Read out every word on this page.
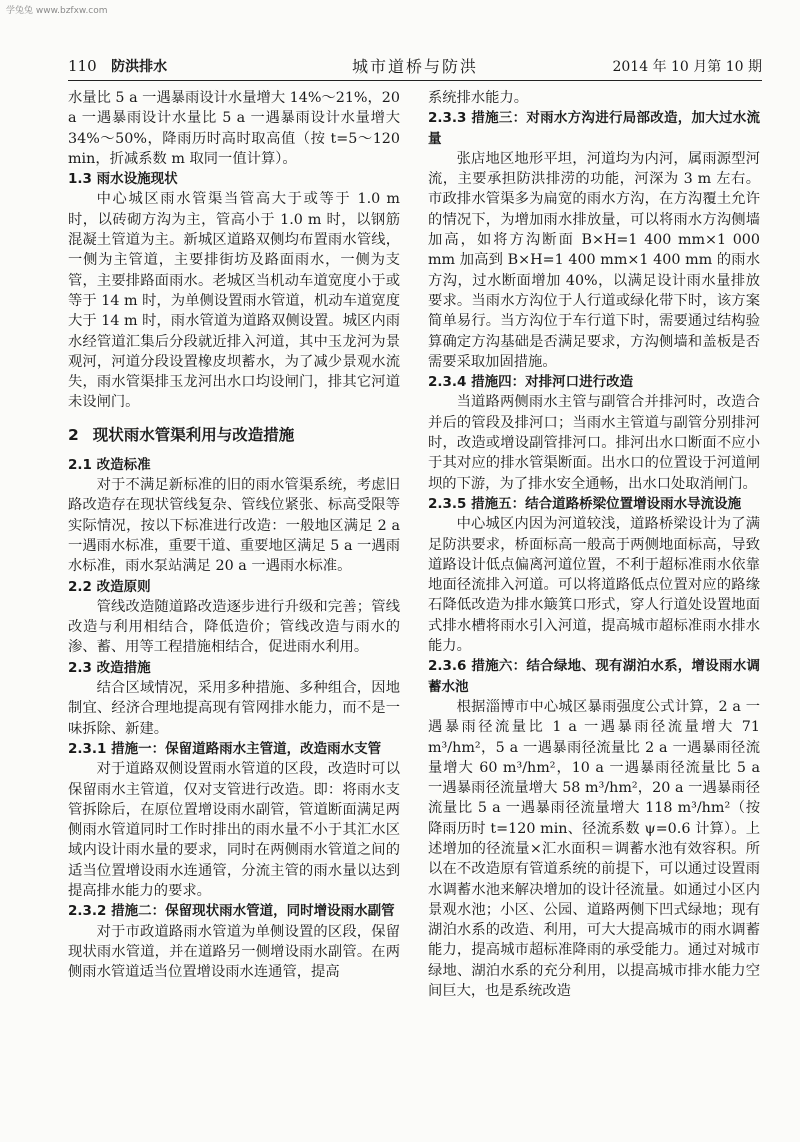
学兔兔 www.bzfxw.com
110 防洪排水	城市道桥与防洪	2014 年 10 月第 10 期

水量比 5 a 一遇暴雨设计水量增大 14%～21%，20 a 一遇暴雨设计水量比 5 a 一遇暴雨设计水量增大 34%～50%，降雨历时高时取高值（按 t=5～120 min，折减系数 m 取同一值计算）。

1.3 雨水设施现状

中心城区雨水管渠当管高大于或等于 1.0 m 时，以砖砌方沟为主，管高小于 1.0 m 时，以钢筋混凝土管道为主。新城区道路双侧均布置雨水管线，一侧为主管道，主要排街坊及路面雨水，一侧为支管，主要排路面雨水。老城区当机动车道宽度小于或等于 14 m 时，为单侧设置雨水管道，机动车道宽度大于 14 m 时，雨水管道为道路双侧设置。城区内雨水经管道汇集后分段就近排入河道，其中玉龙河为景观河，河道分段设置橡皮坝蓄水，为了减少景观水流失，雨水管渠排玉龙河出水口均设闸门，排其它河道未设闸门。

2 现状雨水管渠利用与改造措施
2.1 改造标准

对于不满足新标准的旧的雨水管渠系统，考虑旧路改造存在现状管线复杂、管线位紧张、标高受限等实际情况，按以下标准进行改造：一般地区满足 2 a 一遇雨水标准，重要干道、重要地区满足 5 a 一遇雨水标准，雨水泵站满足 20 a 一遇雨水标准。

2.2 改造原则

管线改造随道路改造逐步进行升级和完善；管线改造与利用相结合，降低造价；管线改造与雨水的渗、蓄、用等工程措施相结合，促进雨水利用。

2.3 改造措施

结合区域情况，采用多种措施、多种组合，因地制宜、经济合理地提高现有管网排水能力，而不是一味拆除、新建。

2.3.1 措施一：保留道路雨水主管道，改造雨水支管

对于道路双侧设置雨水管道的区段，改造时可以保留雨水主管道，仅对支管进行改造。即：将雨水支管拆除后，在原位置增设雨水副管，管道断面满足两侧雨水管道同时工作时排出的雨水量不小于其汇水区域内设计雨水量的要求，同时在两侧雨水管道之间的适当位置增设雨水连通管，分流主管的雨水量以达到提高排水能力的要求。

2.3.2 措施二：保留现状雨水管道，同时增设雨水副管

对于市政道路雨水管道为单侧设置的区段，保留现状雨水管道，并在道路另一侧增设雨水副管。在两侧雨水管道适当位置增设雨水连通管，提高

系统排水能力。

2.3.3 措施三：对雨水方沟进行局部改造，加大过水流量

张店地区地形平坦，河道均为内河，属雨源型河流，主要承担防洪排涝的功能，河深为 3 m 左右。市政排水管渠多为扁宽的雨水方沟，在方沟覆土允许的情况下，为增加雨水排放量，可以将雨水方沟侧墙加高，如将方沟断面 B×H=1 400 mm×1 000 mm 加高到 B×H=1 400 mm×1 400 mm 的雨水方沟，过水断面增加 40%，以满足设计雨水量排放要求。当雨水方沟位于人行道或绿化带下时，该方案简单易行。当方沟位于车行道下时，需要通过结构验算确定方沟基础是否满足要求，方沟侧墙和盖板是否需要采取加固措施。

2.3.4 措施四：对排河口进行改造

当道路两侧雨水主管与副管合并排河时，改造合并后的管段及排河口；当雨水主管道与副管分别排河时，改造或增设副管排河口。排河出水口断面不应小于其对应的排水管渠断面。出水口的位置设于河道闸坝的下游，为了排水安全通畅，出水口处取消闸门。

2.3.5 措施五：结合道路桥梁位置增设雨水导流设施

中心城区内因为河道较浅，道路桥梁设计为了满足防洪要求，桥面标高一般高于两侧地面标高，导致道路设计低点偏离河道位置，不利于超标准雨水依靠地面径流排入河道。可以将道路低点位置对应的路缘石降低改造为排水簸箕口形式，穿人行道处设置地面式排水槽将雨水引入河道，提高城市超标准雨水排水能力。

2.3.6 措施六：结合绿地、现有湖泊水系，增设雨水调蓄水池

根据淄博市中心城区暴雨强度公式计算，2 a 一遇暴雨径流量比 1 a 一遇暴雨径流量增大 71 m³/hm²，5 a 一遇暴雨径流量比 2 a 一遇暴雨径流量增大 60 m³/hm²，10 a 一遇暴雨径流量比 5 a 一遇暴雨径流量增大 58 m³/hm²，20 a 一遇暴雨径流量比 5 a 一遇暴雨径流量增大 118 m³/hm²（按降雨历时 t=120 min、径流系数 ψ=0.6 计算）。上述增加的径流量×汇水面积＝调蓄水池有效容积。所以在不改造原有管道系统的前提下，可以通过设置雨水调蓄水池来解决增加的设计径流量。如通过小区内景观水池；小区、公园、道路两侧下凹式绿地；现有湖泊水系的改造、利用，可大大提高城市的雨水调蓄能力，提高城市超标准降雨的承受能力。通过对城市绿地、湖泊水系的充分利用，以提高城市排水能力空间巨大，也是系统改造
